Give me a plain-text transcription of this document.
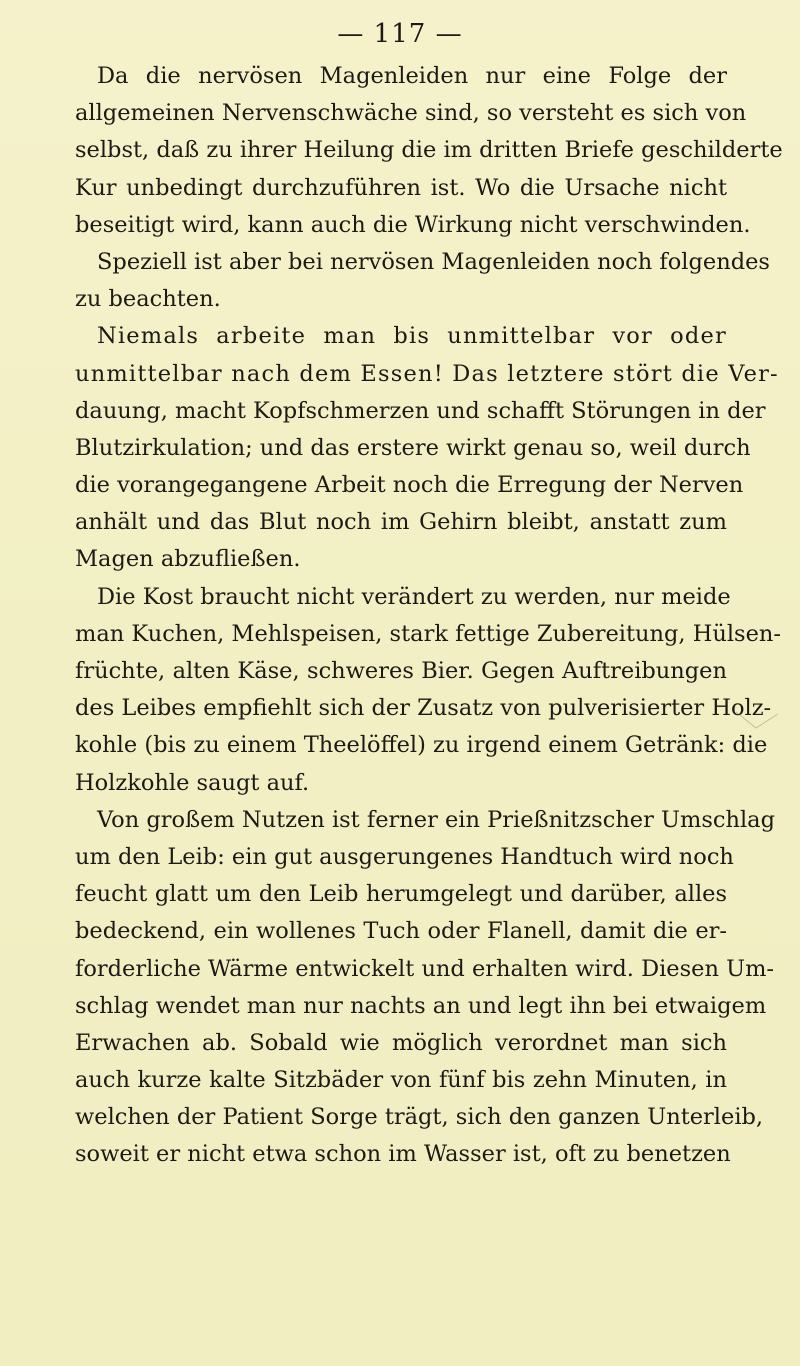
— 117 —
Da die nervösen Magenleiden nur eine Folge der
allgemeinen Nervenschwäche sind, so versteht es sich von
selbst, daß zu ihrer Heilung die im dritten Briefe geschilderte
Kur unbedingt durchzuführen ist. Wo die Ursache nicht
beseitigt wird, kann auch die Wirkung nicht verschwinden.
Speziell ist aber bei nervösen Magenleiden noch folgendes
zu beachten.
Niemals arbeite man bis unmittelbar vor oder
unmittelbar nach dem Essen! Das letztere stört die Ver-
dauung, macht Kopfschmerzen und schafft Störungen in der
Blutzirkulation; und das erstere wirkt genau so, weil durch
die vorangegangene Arbeit noch die Erregung der Nerven
anhält und das Blut noch im Gehirn bleibt, anstatt zum
Magen abzufließen.
Die Kost braucht nicht verändert zu werden, nur meide
man Kuchen, Mehlspeisen, stark fettige Zubereitung, Hülsen-
früchte, alten Käse, schweres Bier. Gegen Auftreibungen
des Leibes empfiehlt sich der Zusatz von pulverisierter Holz-
kohle (bis zu einem Theelöffel) zu irgend einem Getränk: die
Holzkohle saugt auf.
Von großem Nutzen ist ferner ein Prießnitzscher Umschlag
um den Leib: ein gut ausgerungenes Handtuch wird noch
feucht glatt um den Leib herumgelegt und darüber, alles
bedeckend, ein wollenes Tuch oder Flanell, damit die er-
forderliche Wärme entwickelt und erhalten wird. Diesen Um-
schlag wendet man nur nachts an und legt ihn bei etwaigem
Erwachen ab. Sobald wie möglich verordnet man sich
auch kurze kalte Sitzbäder von fünf bis zehn Minuten, in
welchen der Patient Sorge trägt, sich den ganzen Unterleib,
soweit er nicht etwa schon im Wasser ist, oft zu benetzen
